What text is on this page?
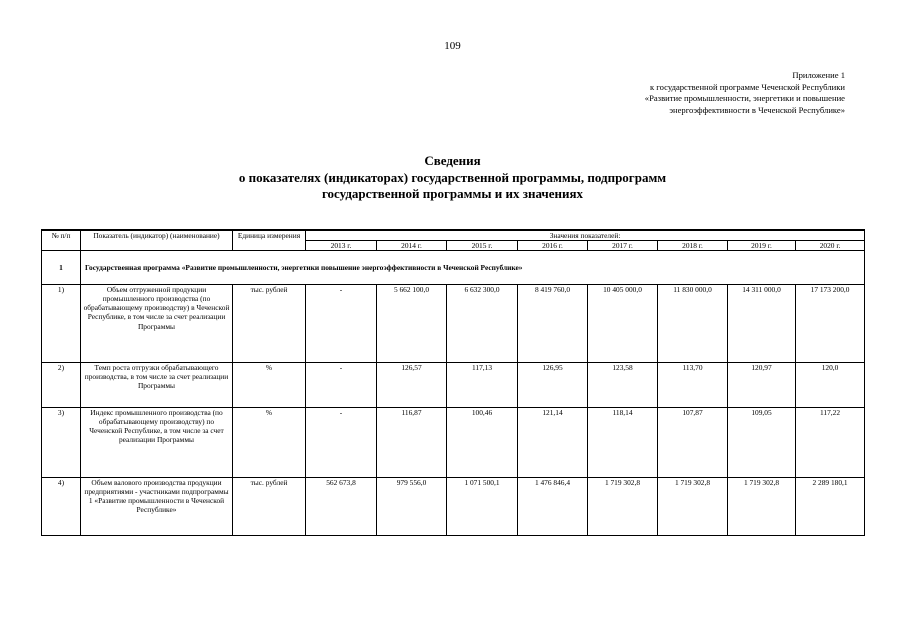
109
Приложение 1
к государственной программе Чеченской Республики
«Развитие промышленности, энергетики и повышение
энергоэффективности в Чеченской Республике»
Сведения
о показателях (индикаторах) государственной программы, подпрограмм
государственной программы и их значениях
№ п/п	Показатель (индикатор) (наименование)	Единица измерения	Значения показателей:							
			2013 г.	2014 г.	2015 г.	2016 г.	2017 г.	2018 г.	2019 г.	2020 г.
1	Государственная программа «Развитие промышленности, энергетики повышение энергоэффективности в Чеченской Республике»									
1)	Объем отгруженной продукции промышленного производства (по обрабатывающему производству) в Чеченской Республике, в том числе за счет реализации Программы	тыс. рублей	-	5 662 100,0	6 632 300,0	8 419 760,0	10 405 000,0	11 830 000,0	14 311 000,0	17 173 200,0
2)	Темп роста отгрузки обрабатывающего производства, в том числе за счет реализации Программы	%	-	126,57	117,13	126,95	123,58	113,70	120,97	120,0
3)	Индекс промышленного производства (по обрабатывающему производству) по Чеченской Республике, в том числе за счет реализации Программы	%	-	116,87	100,46	121,14	118,14	107,87	109,05	117,22
4)	Объем валового производства продукции предприятиями - участниками подпрограммы 1 «Развитие промышленности в Чеченской Республике»	тыс. рублей	562 673,8	979 556,0	1 071 500,1	1 476 846,4	1 719 302,8	1 719 302,8	1 719 302,8	2 289 180,1
